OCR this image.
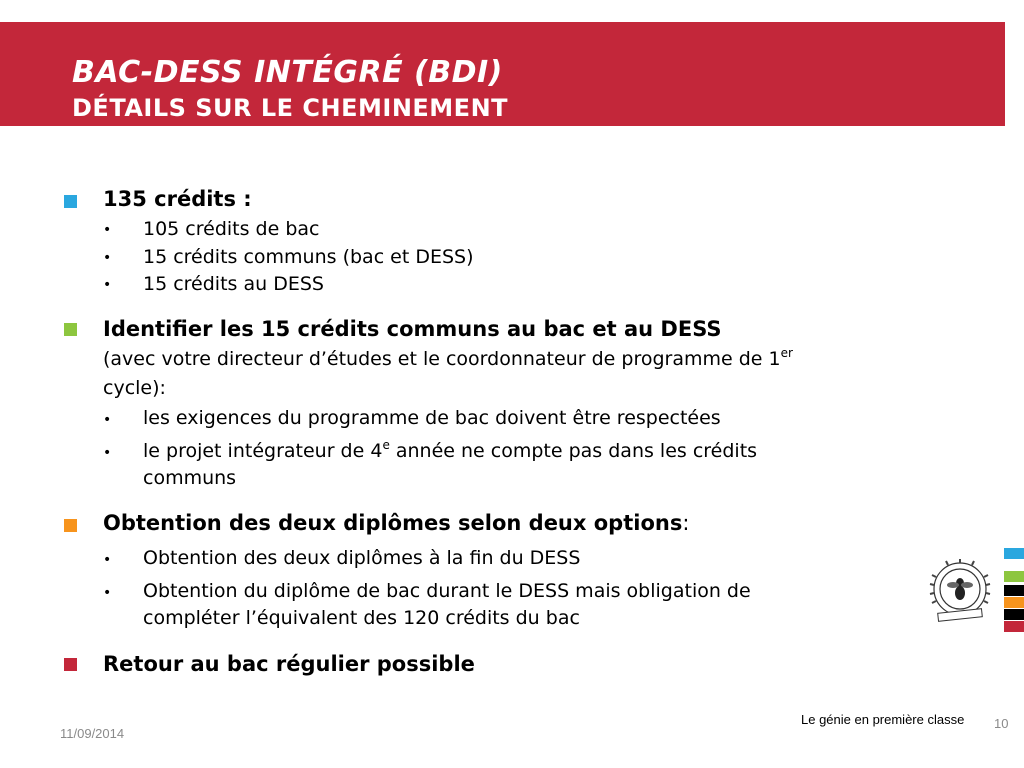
BAC-DESS INTÉGRÉ (BDI)
DÉTAILS SUR LE CHEMINEMENT
135 crédits :
• 105 crédits de bac
• 15 crédits communs (bac et DESS)
• 15 crédits au DESS
Identifier les 15 crédits communs au bac et au DESS
(avec votre directeur d’études et le coordonnateur de programme de 1er
cycle):
• les exigences du programme de bac doivent être respectées
• le projet intégrateur de 4e année ne compte pas dans les crédits
communs
Obtention des deux diplômes selon deux options:
• Obtention des deux diplômes à la fin du DESS
• Obtention du diplôme de bac durant le DESS mais obligation de
compléter l’équivalent des 120 crédits du bac
Retour au bac régulier possible
11/09/2014
Le génie en première classe 10
